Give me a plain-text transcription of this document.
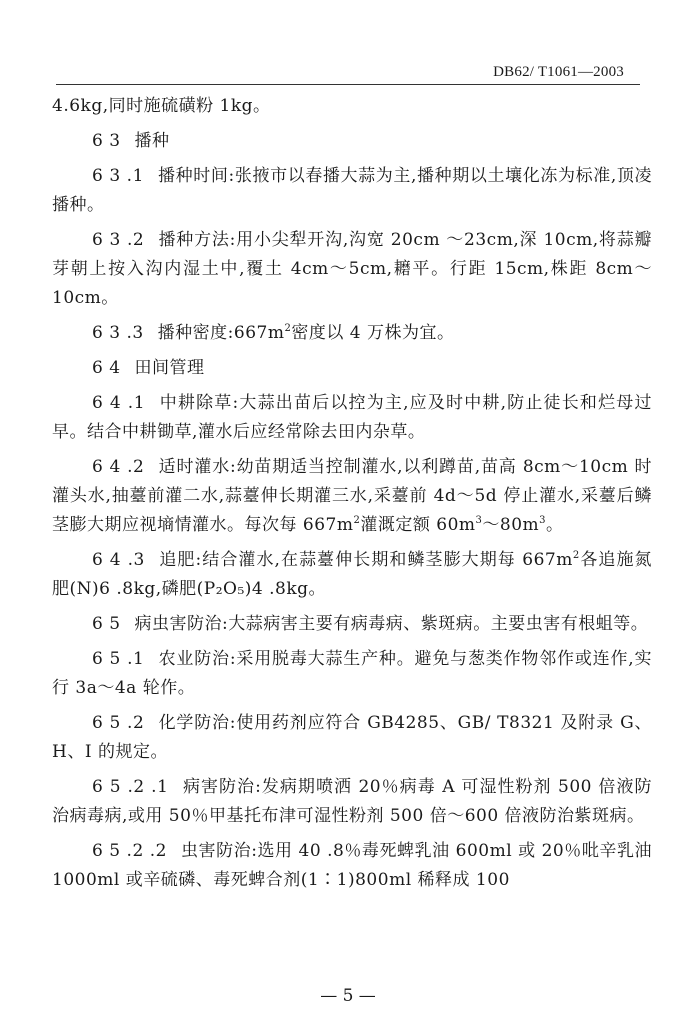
DB62/ T1061—2003

4.6kg,同时施硫磺粉 1kg。

6 3 播种

6 3 .1 播种时间:张掖市以春播大蒜为主,播种期以土壤化冻为标准,顶凌播种。

6 3 .2 播种方法:用小尖犁开沟,沟宽 20cm ～23cm,深 10cm,将蒜瓣芽朝上按入沟内湿土中,覆土 4cm～5cm,耱平。行距 15cm,株距 8cm～10cm。

6 3 .3 播种密度$:667m^2$密度以 4 万株为宜。

6 4 田间管理

6 4 .1 中耕除草:大蒜出苗后以控为主,应及时中耕,防止徒长和烂母过早。结合中耕锄草,灌水后应经常除去田内杂草。

6 4 .2 适时灌水:幼苗期适当控制灌水,以利蹲苗,苗高 8cm～10cm 时灌头水,抽薹前灌二水,蒜薹伸长期灌三水,采薹前 4d～5d 停止灌水,采薹后鳞茎膨大期应视墒情灌水。每次每 $667m^2$灌溉定额 $60m^3\sim 80m^3$。

6 4 .3 追肥:结合灌水,在蒜薹伸长期和鳞茎膨大期每 $667m^2$各追施氮肥(N)6 .8kg,磷肥(P₂O₅)4 .8kg。

6 5 病虫害防治:大蒜病害主要有病毒病、紫斑病。主要虫害有根蛆等。

6 5 .1 农业防治:采用脱毒大蒜生产种。避免与葱类作物邻作或连作,实行 3a～4a 轮作。

6 5 .2 化学防治:使用药剂应符合 GB4285、GB/ T8321 及附录 G、H、I 的规定。

6 5 .2 .1 病害防治:发病期喷洒 20％病毒 A 可湿性粉剂 500 倍液防治病毒病,或用 50％甲基托布津可湿性粉剂 500 倍～600 倍液防治紫斑病。

6 5 .2 .2 虫害防治:选用 40 .8％毒死蜱乳油 600ml 或 20％吡辛乳油 1000ml 或辛硫磷、毒死蜱合剂(1∶1)800ml 稀释成 100

— 5 —
